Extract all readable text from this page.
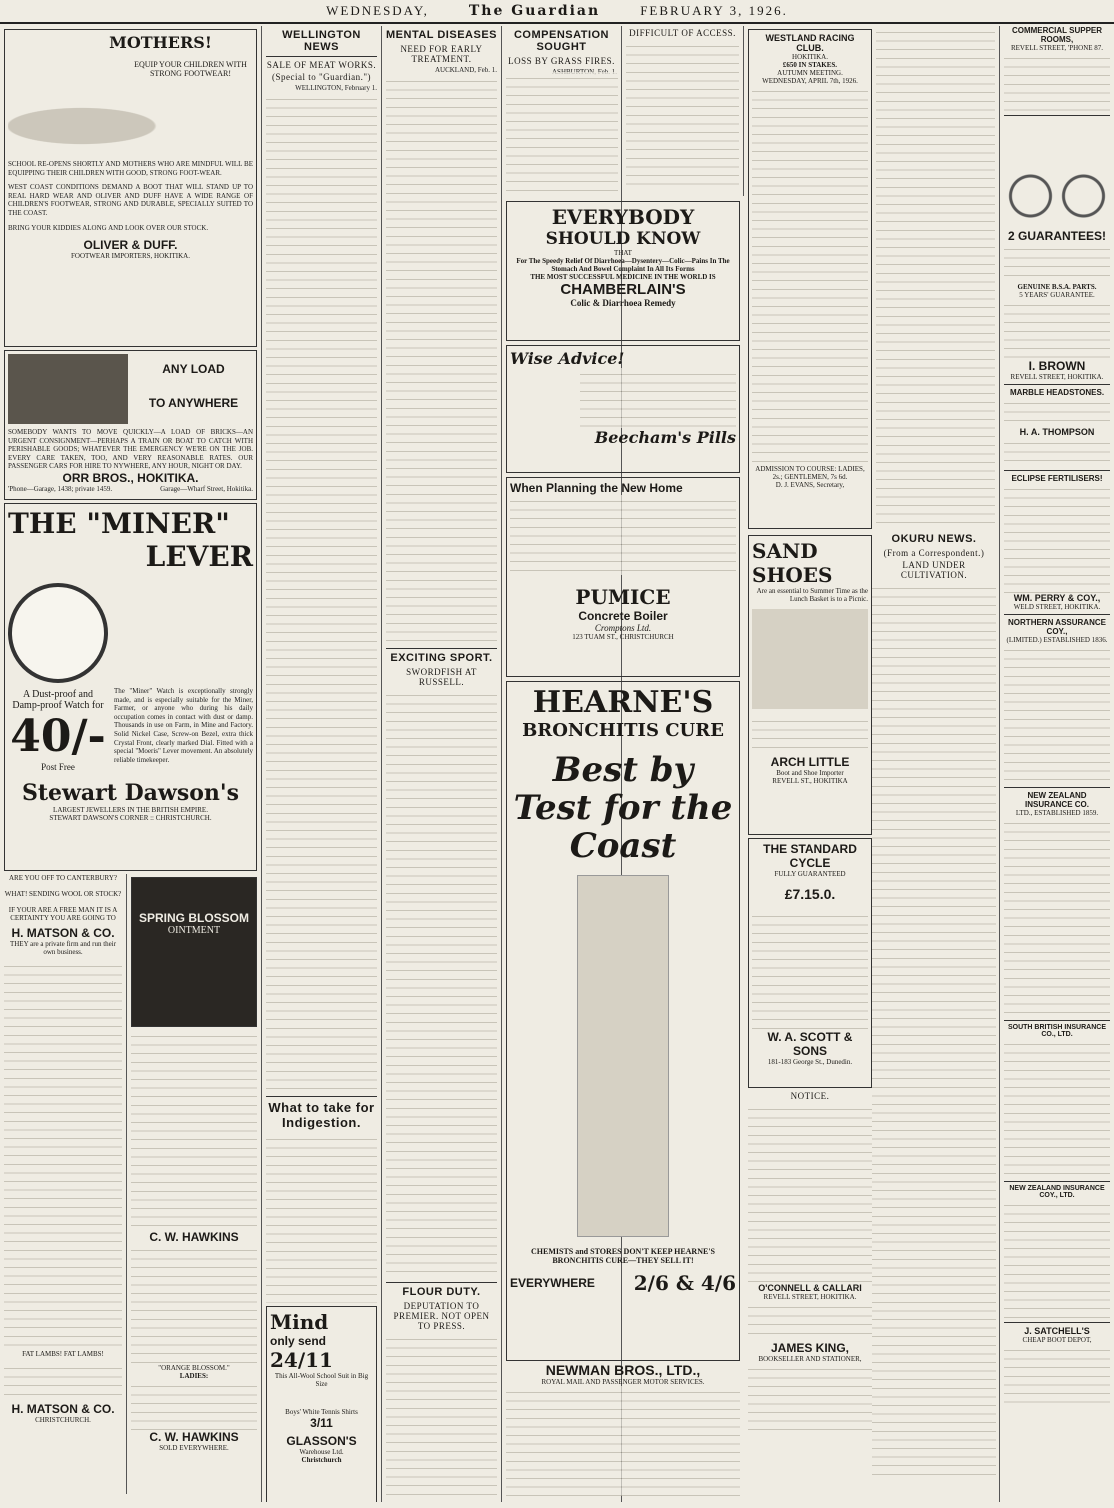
WEDNESDAY,	The Guardian	FEBRUARY 3, 1926.
MOTHERS!
EQUIP YOUR CHILDREN WITH STRONG FOOTWEAR!
SCHOOL RE-OPENS SHORTLY AND MOTHERS WHO ARE MINDFUL WILL BE EQUIPPING THEIR CHILDREN WITH GOOD, STRONG FOOT-WEAR.
WEST COAST CONDITIONS DEMAND A BOOT THAT WILL STAND UP TO REAL HARD WEAR AND OLIVER AND DUFF HAVE A WIDE RANGE OF CHILDREN'S FOOTWEAR, STRONG AND DURABLE, SPECIALLY SUITED TO THE COAST.
BRING YOUR KIDDIES ALONG AND LOOK OVER OUR STOCK.
OLIVER & DUFF.
FOOTWEAR IMPORTERS, HOKITIKA.
ANY LOAD
TO ANYWHERE
SOMEBODY WANTS TO MOVE QUICKLY—A LOAD OF BRICKS—AN URGENT CONSIGNMENT—PERHAPS A TRAIN OR BOAT TO CATCH WITH PERISHABLE GOODS; WHATEVER THE EMERGENCY WE'RE ON THE JOB. EVERY CARE TAKEN, TOO, AND VERY REASONABLE RATES. OUR PASSENGER CARS FOR HIRE TO NYWHERE, ANY HOUR, NIGHT OR DAY.
ORR BROS., HOKITIKA.
'Phone—Garage, 1438; private 1459.	Garage—Wharf Street, Hokitika.
THE "MINER"
LEVER
A Dust-proof and Damp-proof Watch for
40/-
Post Free
The "Miner" Watch is exceptionally strongly made, and is especially suitable for the Miner, Farmer, or anyone who during his daily occupation comes in contact with dust or damp. Thousands in use on Farm, in Mine and Factory. Solid Nickel Case, Screw-on Bezel, extra thick Crystal Front, clearly marked Dial. Fitted with a special "Moeris" Lever movement. An absolutely reliable timekeeper.
Stewart Dawson's
LARGEST JEWELLERS IN THE BRITISH EMPIRE.
STEWART DAWSON'S CORNER :: CHRISTCHURCH.
ARE YOU OFF TO CANTERBURY?
WHAT! SENDING WOOL OR STOCK?
IF YOUR ARE A FREE MAN IT IS A CERTAINTY YOU ARE GOING TO
H. MATSON & CO.
THEY are a private firm and run their own business.
FAT LAMBS! FAT LAMBS!
H. MATSON & CO.
CHRISTCHURCH.
SPRING BLOSSOM
OINTMENT
C. W. HAWKINS
"ORANGE BLOSSOM."
LADIES:
C. W. HAWKINS
SOLD EVERYWHERE.
WELLINGTON NEWS
SALE OF MEAT WORKS.
(Special to "Guardian.")
WELLINGTON, February 1.
What to take for Indigestion.
Mind
only send
24/11
This All-Wool School Suit in Big Size
Boys' White Tennis Shirts
3/11
GLASSON'S
Warehouse Ltd.
Christchurch
MENTAL DISEASES
NEED FOR EARLY TREATMENT.
AUCKLAND, Feb. 1.
EXCITING SPORT.
SWORDFISH AT RUSSELL.
FLOUR DUTY.
DEPUTATION TO PREMIER. NOT OPEN TO PRESS.
COMPENSATION SOUGHT
LOSS BY GRASS FIRES.
DIFFICULT OF ACCESS.
EVERYBODY
SHOULD KNOW
THAT
For The Speedy Relief Of Diarrhoea—Dysentery—Colic—Pains In The Stomach And Bowel Complaint In All Its Forms
THE MOST SUCCESSFUL MEDICINE IN THE WORLD IS
CHAMBERLAIN'S
Colic & Diarrhoea Remedy
Wise Advice!
Beecham's Pills
When Planning the New Home
PUMICE
Concrete Boiler
Cromptons Ltd.
123 TUAM ST., CHRISTCHURCH
HEARNE'S
BRONCHITIS CURE
Best by Test for the Coast
CHEMISTS and STORES DON'T KEEP HEARNE'S BRONCHITIS CURE—THEY SELL IT!
EVERYWHERE 2/6 & 4/6
NEWMAN BROS., LTD.,
ROYAL MAIL AND PASSENGER MOTOR SERVICES.
WESTLAND RACING CLUB.
HOKITIKA.
£650 IN STAKES.
AUTUMN MEETING.
WEDNESDAY, APRIL 7th, 1926.
ADMISSION TO COURSE: LADIES, 2s.; GENTLEMEN, 7s 6d.
D. J. EVANS, Secretary,
SAND
SHOES
Are an essential to Summer Time as the Lunch Basket is to a Picnic.
ARCH LITTLE
Boot and Shoe Importer
REVELL ST., HOKITIKA
THE STANDARD
CYCLE
FULLY GUARANTEED
£7.15.0.
W. A. SCOTT & SONS
181-183 George St., Dunedin.
NOTICE.
O'CONNELL & CALLARI
REVELL STREET, HOKITIKA.
JAMES KING,
BOOKSELLER AND STATIONER,
COMMERCIAL SUPPER ROOMS,
REVELL STREET, 'PHONE 87.
2 GUARANTEES!
GENUINE B.S.A. PARTS.
5 YEARS' GUARANTEE.
I. BROWN
REVELL STREET, HOKITIKA.
MARBLE HEADSTONES.
H. A. THOMPSON
ECLIPSE FERTILISERS!
WM. PERRY & COY.,
WELD STREET, HOKITIKA.
NORTHERN ASSURANCE COY.,
(LIMITED.) ESTABLISHED 1836.
NEW ZEALAND INSURANCE CO.
LTD., ESTABLISHED 1859.
SOUTH BRITISH INSURANCE CO., LTD.
NEW ZEALAND INSURANCE COY., LTD.
J. SATCHELL'S
CHEAP BOOT DEPOT,
OKURU NEWS.
(From a Correspondent.)
LAND UNDER CULTIVATION.
